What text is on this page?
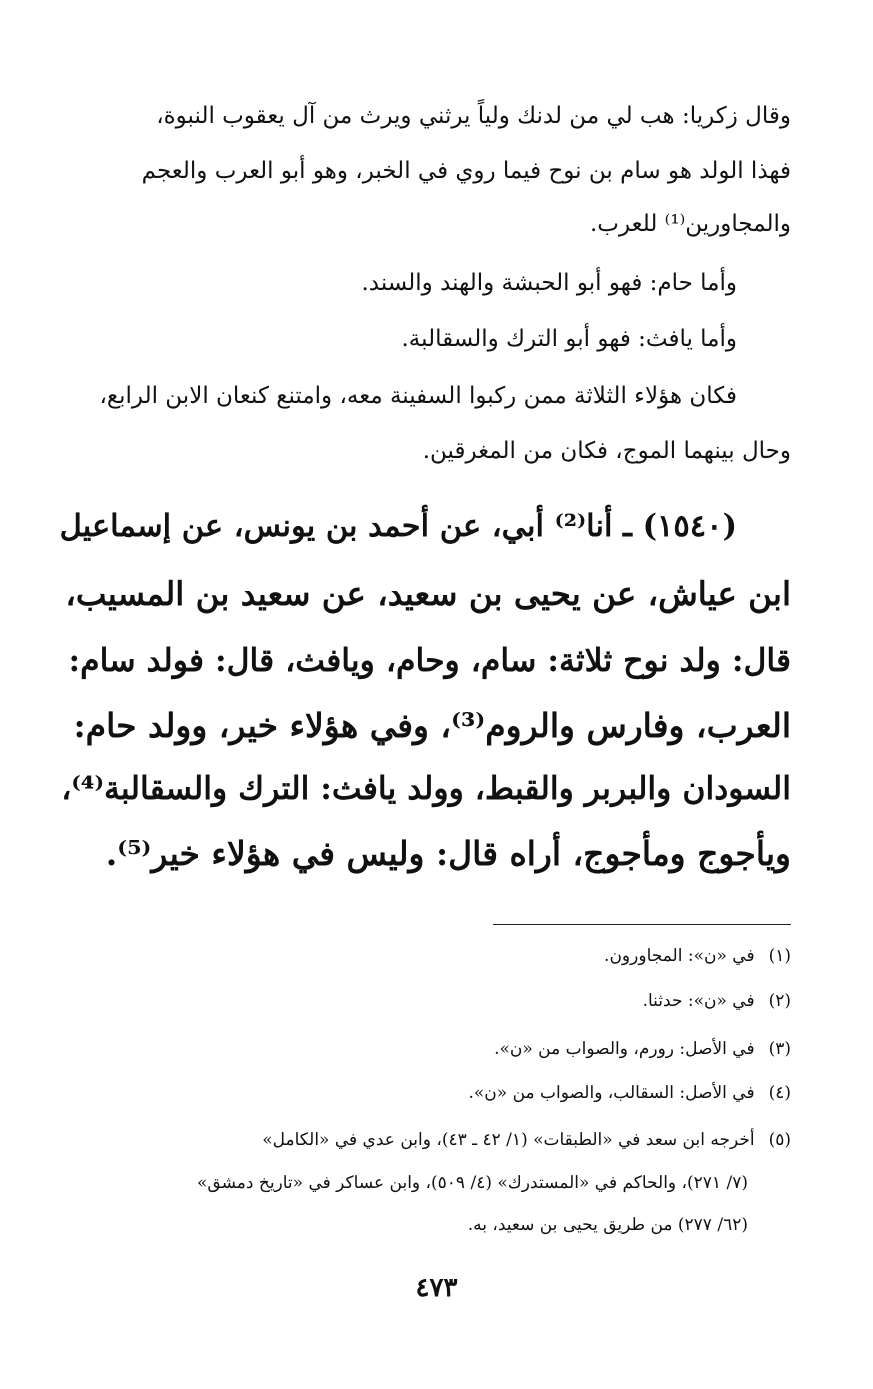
وقال زكريا: هب لي من لدنك ولياً يرثني ويرث من آل يعقوب النبوة،
فهذا الولد هو سام بن نوح فيما روي في الخبر، وهو أبو العرب والعجم
والمجاورين⁽¹⁾ للعرب.
وأما حام: فهو أبو الحبشة والهند والسند.
وأما يافث: فهو أبو الترك والسقالبة.
فكان هؤلاء الثلاثة ممن ركبوا السفينة معه، وامتنع كنعان الابن الرابع،
وحال بينهما الموج، فكان من المغرقين.
(١٥٤٠) ـ أنا⁽²⁾ أبي، عن أحمد بن يونس، عن إسماعيل
ابن عياش، عن يحيى بن سعيد، عن سعيد بن المسيب،
قال: ولد نوح ثلاثة: سام، وحام، ويافث، قال: فولد سام:
العرب، وفارس والروم⁽³⁾، وفي هؤلاء خير، وولد حام:
السودان والبربر والقبط، وولد يافث: الترك والسقالبة⁽⁴⁾،
ويأجوج ومأجوج، أراه قال: وليس في هؤلاء خير⁽⁵⁾.
(١)في «ن»: المجاورون.
(٢)في «ن»: حدثنا.
(٣)في الأصل: رورم، والصواب من «ن».
(٤)في الأصل: السقالب، والصواب من «ن».
(٥)أخرجه ابن سعد في «الطبقات» (١/ ٤٢ ـ ٤٣)، وابن عدي في «الكامل»
(٧/ ٢٧١)، والحاكم في «المستدرك» (٤/ ٥٠٩)، وابن عساكر في «تاريخ دمشق»
(٦٢/ ٢٧٧) من طريق يحيى بن سعيد، به.
٤٧٣
